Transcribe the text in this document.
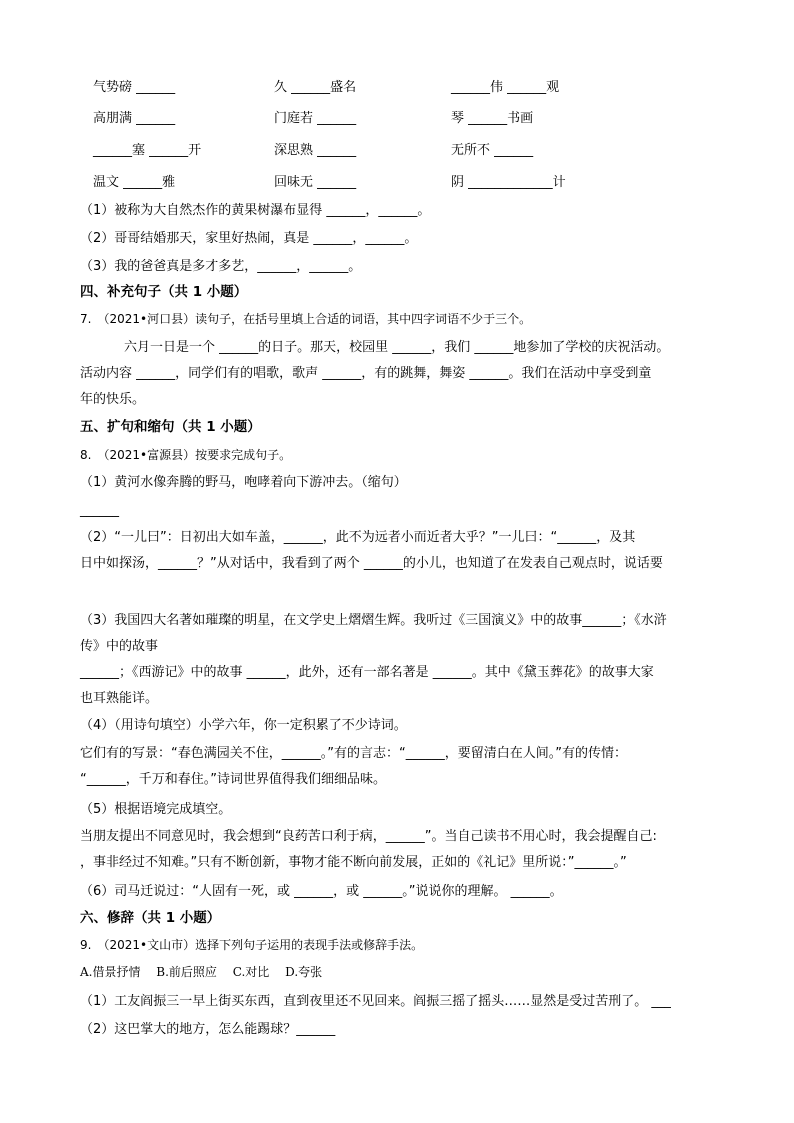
气势磅 ______	久 ______盛名	______伟 ______观
高朋满 ______	门庭若 ______	琴 ______书画
______塞 ______开	深思熟 ______	无所不 ______
温文 ______雅	回味无 ______	阴 _____________计
（1）被称为大自然杰作的黄果树瀑布显得 ______，______。
（2）哥哥结婚那天，家里好热闹，真是 ______，______。
（3）我的爸爸真是多才多艺，______，______。
四、补充句子（共 1 小题）
7.　（2021•河口县）读句子，在括号里填上合适的词语，其中四字词语不少于三个。
六月一日是一个 ______的日子。那天，校园里 ______，我们 ______地参加了学校的庆祝活动。
活动内容 ______，同学们有的唱歌，歌声 ______，有的跳舞，舞姿 ______。我们在活动中享受到童
年的快乐。
五、扩句和缩句（共 1 小题）
8.　（2021•富源县）按要求完成句子。
（1）黄河水像奔腾的野马，咆哮着向下游冲去。（缩句）
______
（2）“一儿曰”：日初出大如车盖，______，此不为远者小而近者大乎？”一儿曰：“______，及其
日中如探汤，______？”从对话中，我看到了两个 ______的小儿，也知道了在发表自己观点时，说话要
（3）我国四大名著如璀璨的明星，在文学史上熠熠生辉。我听过《三国演义》中的故事______；《水浒
传》中的故事
______；《西游记》中的故事 ______，此外，还有一部名著是 ______。其中《黛玉葬花》的故事大家
也耳熟能详。
（4）（用诗句填空）小学六年，你一定积累了不少诗词。
它们有的写景：“春色满园关不住，______。”有的言志：“______，要留清白在人间。”有的传情：
“______，千万和春住。”诗词世界值得我们细细品味。
（5）根据语境完成填空。
当朋友提出不同意见时，我会想到“良药苦口利于病，______”。当自己读书不用心时，我会提醒自己:
，事非经过不知难。”只有不断创新，事物才能不断向前发展，正如的《礼记》里所说：”______。”
（6）司马迁说过：“人固有一死，或 ______，或 ______。”说说你的理解。 ______。
六、修辞（共 1 小题）
9.　（2021•文山市）选择下列句子运用的表现手法或修辞手法。
A.借景抒情　 B.前后照应　 C.对比　 D.夸张
（1）工友阎振三一早上街买东西，直到夜里还不见回来。阎振三摇了摇头……显然是受过苦刑了。 ___
（2）这巴掌大的地方，怎么能踢球？______
